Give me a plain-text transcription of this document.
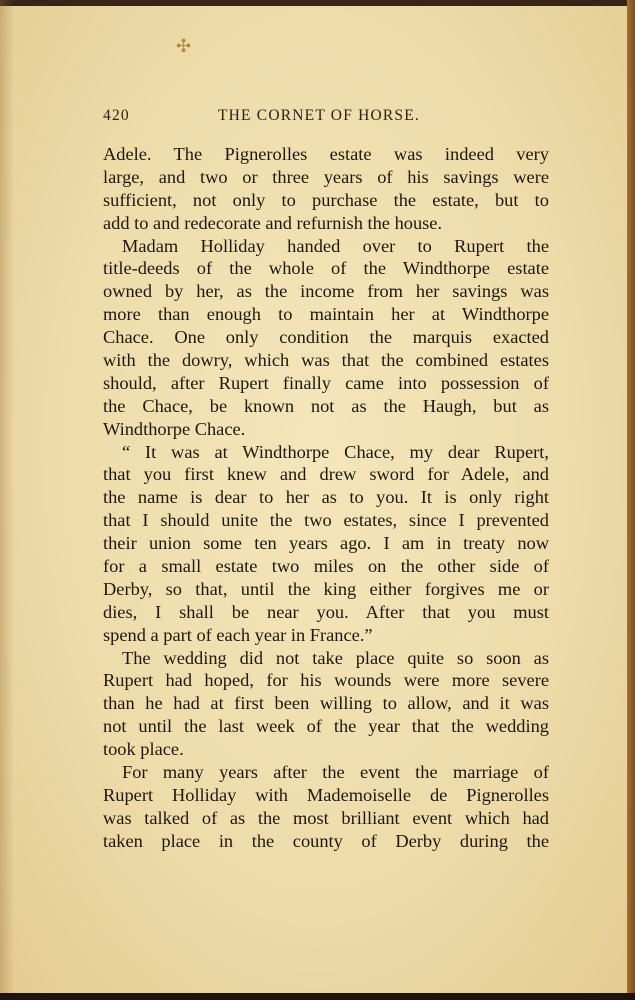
✣
420	THE CORNET OF HORSE.
Adele. The Pignerolles estate was indeed very
large, and two or three years of his savings were
sufficient, not only to purchase the estate, but to
add to and redecorate and refurnish the house.
Madam Holliday handed over to Rupert the
title-deeds of the whole of the Windthorpe estate
owned by her, as the income from her savings was
more than enough to maintain her at Windthorpe
Chace. One only condition the marquis exacted
with the dowry, which was that the combined estates
should, after Rupert finally came into possession of
the Chace, be known not as the Haugh, but as
Windthorpe Chace.
“ It was at Windthorpe Chace, my dear Rupert,
that you first knew and drew sword for Adele, and
the name is dear to her as to you. It is only right
that I should unite the two estates, since I prevented
their union some ten years ago. I am in treaty now
for a small estate two miles on the other side of
Derby, so that, until the king either forgives me or
dies, I shall be near you. After that you must
spend a part of each year in France.”
The wedding did not take place quite so soon as
Rupert had hoped, for his wounds were more severe
than he had at first been willing to allow, and it was
not until the last week of the year that the wedding
took place.
For many years after the event the marriage of
Rupert Holliday with Mademoiselle de Pignerolles
was talked of as the most brilliant event which had
taken place in the county of Derby during the
